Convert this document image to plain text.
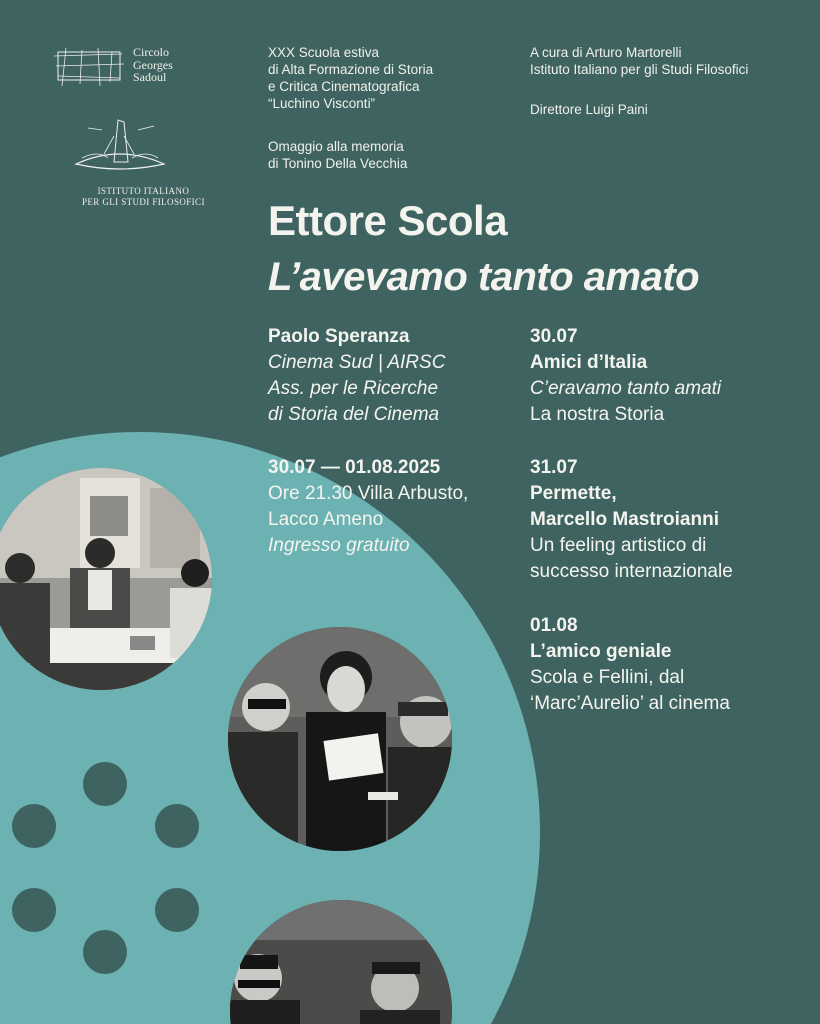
Circolo
Georges
Sadoul
ISTITUTO ITALIANO
PER GLI STUDI FILOSOFICI
XXX Scuola estiva
di Alta Formazione di Storia
e Critica Cinematografica
“Luchino Visconti”
Omaggio alla memoria
di Tonino Della Vecchia
A cura di Arturo Martorelli
Istituto Italiano per gli Studi Filosofici
Direttore Luigi Paini
Ettore Scola
L’avevamo tanto amato
Paolo Speranza
Cinema Sud | AIRSC
Ass. per le Ricerche
di Storia del Cinema
30.07 — 01.08.2025
Ore 21.30 Villa Arbusto,
Lacco Ameno
Ingresso gratuito
30.07
Amici d’Italia
C’eravamo tanto amati
La nostra Storia
31.07
Permette,
Marcello Mastroianni
Un feeling artistico di
successo internazionale
01.08
L’amico geniale
Scola e Fellini, dal
‘Marc’Aurelio’ al cinema
